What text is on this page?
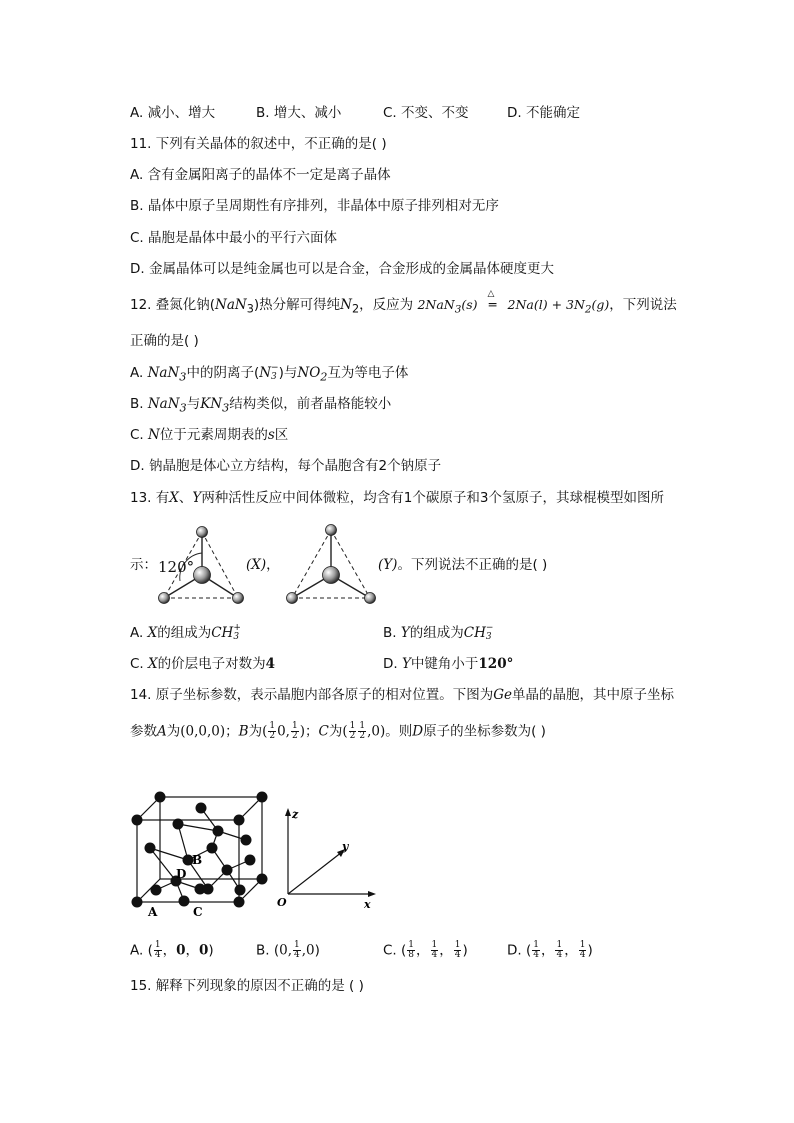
A. 减小、增大	B. 增大、减小	C. 不变、不变	D. 不能确定
11. 下列有关晶体的叙述中，不正确的是( )
A. 含有金属阳离子的晶体不一定是离子晶体
B. 晶体中原子呈周期性有序排列，非晶体中原子排列相对无序
C. 晶胞是晶体中最小的平行六面体
D. 金属晶体可以是纯金属也可以是合金，合金形成的金属晶体硬度更大
12. 叠氮化钠(NaN$_3$)热分解可得纯$N_2$，反应为 2NaN$_3$(s)
△
═ $2Na(l) + 3N_2(g)$，下列说法
正确的是( )
A. NaN$_3$中的阴离子(N −
3 )与$NO_2$互为等电子体
B. NaN$_3$与$KN_3$结构类似，前者晶格能较小
C. N位于元素周期表的s区
D. 钠晶胞是体心立方结构，每个晶胞含有2个钠原子
13. 有X、Y两种活性反应中间体微粒，均含有1个碳原子和3个氢原子，其球棍模型如图所
示： 120°	(X)，	(Y)。下列说法不正确的是( )
A. X的组成为CH +
3	B. Y的组成为CH −
3
C. X的价层电子对数为4	D. Y中键角小于120°
14. 原子坐标参数，表示晶胞内部各原子的相对位置。下图为Ge单晶的晶胞，其中原子坐标
参数A为(0,0,0)；B为( $\frac{1}{2} 0$, $\frac{1}{2}$ )；C为( $\frac{1}{2} \frac{1}{2} ,0$)。则D原子的坐标参数为( )
B
D
A	C
z
y
x
O
A. ( $\frac{1}{4}$ ，0，0)	B. (0, $\frac{1}{4} ,0$)	C. ( $\frac{1}{8}$ ， $\frac{1}{4}$ ， $\frac{1}{4}$ )	D. ( $\frac{1}{4}$ ， $\frac{1}{4}$ ， $\frac{1}{4}$ )
15. 解释下列现象的原因不正确的是 ( )
